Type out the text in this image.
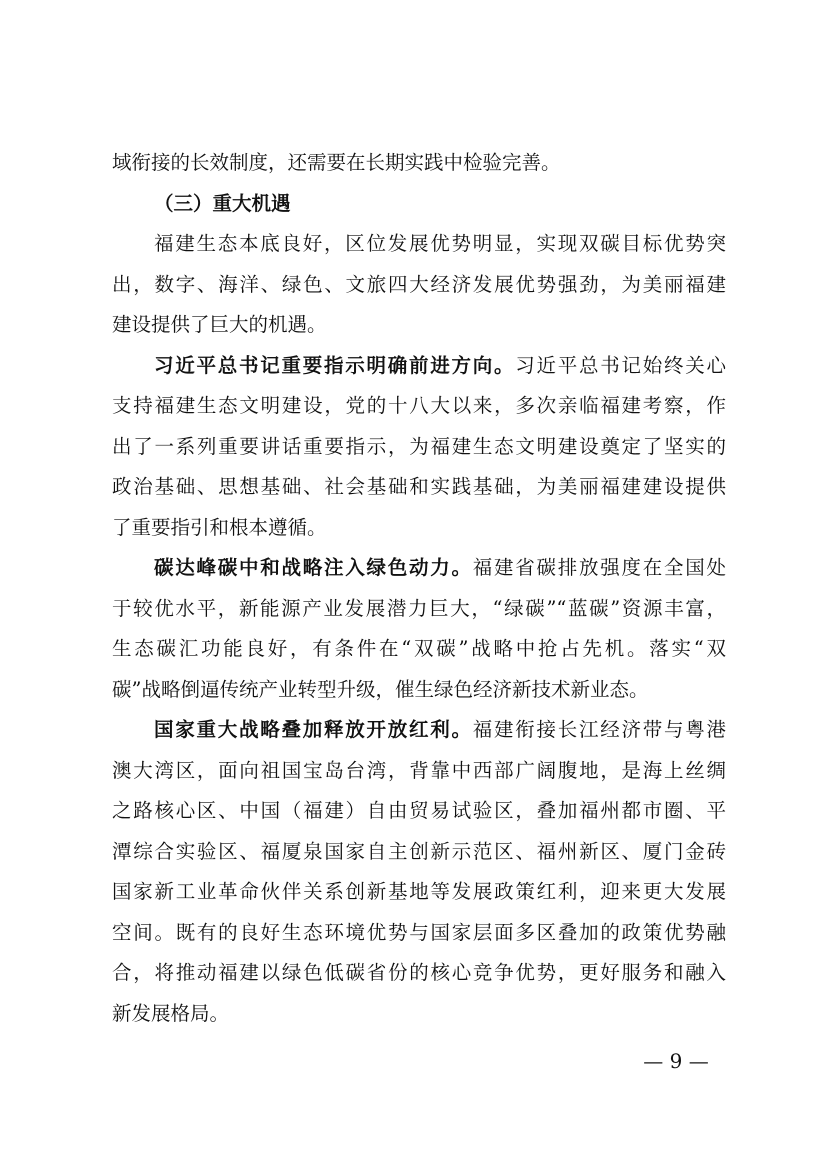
域衔接的长效制度，还需要在长期实践中检验完善。
（三）重大机遇
福建生态本底良好，区位发展优势明显，实现双碳目标优势突
出，数字、海洋、绿色、文旅四大经济发展优势强劲，为美丽福建
建设提供了巨大的机遇。
习近平总书记重要指示明确前进方向。习近平总书记始终关心
支持福建生态文明建设，党的十八大以来，多次亲临福建考察，作
出了一系列重要讲话重要指示，为福建生态文明建设奠定了坚实的
政治基础、思想基础、社会基础和实践基础，为美丽福建建设提供
了重要指引和根本遵循。
碳达峰碳中和战略注入绿色动力。福建省碳排放强度在全国处
于较优水平，新能源产业发展潜力巨大，“绿碳”“蓝碳”资源丰富，
生态碳汇功能良好，有条件在“双碳”战略中抢占先机。落实“双
碳”战略倒逼传统产业转型升级，催生绿色经济新技术新业态。
国家重大战略叠加释放开放红利。福建衔接长江经济带与粤港
澳大湾区，面向祖国宝岛台湾，背靠中西部广阔腹地，是海上丝绸
之路核心区、中国（福建）自由贸易试验区，叠加福州都市圈、平
潭综合实验区、福厦泉国家自主创新示范区、福州新区、厦门金砖
国家新工业革命伙伴关系创新基地等发展政策红利，迎来更大发展
空间。既有的良好生态环境优势与国家层面多区叠加的政策优势融
合，将推动福建以绿色低碳省份的核心竞争优势，更好服务和融入
新发展格局。
— 9 —
